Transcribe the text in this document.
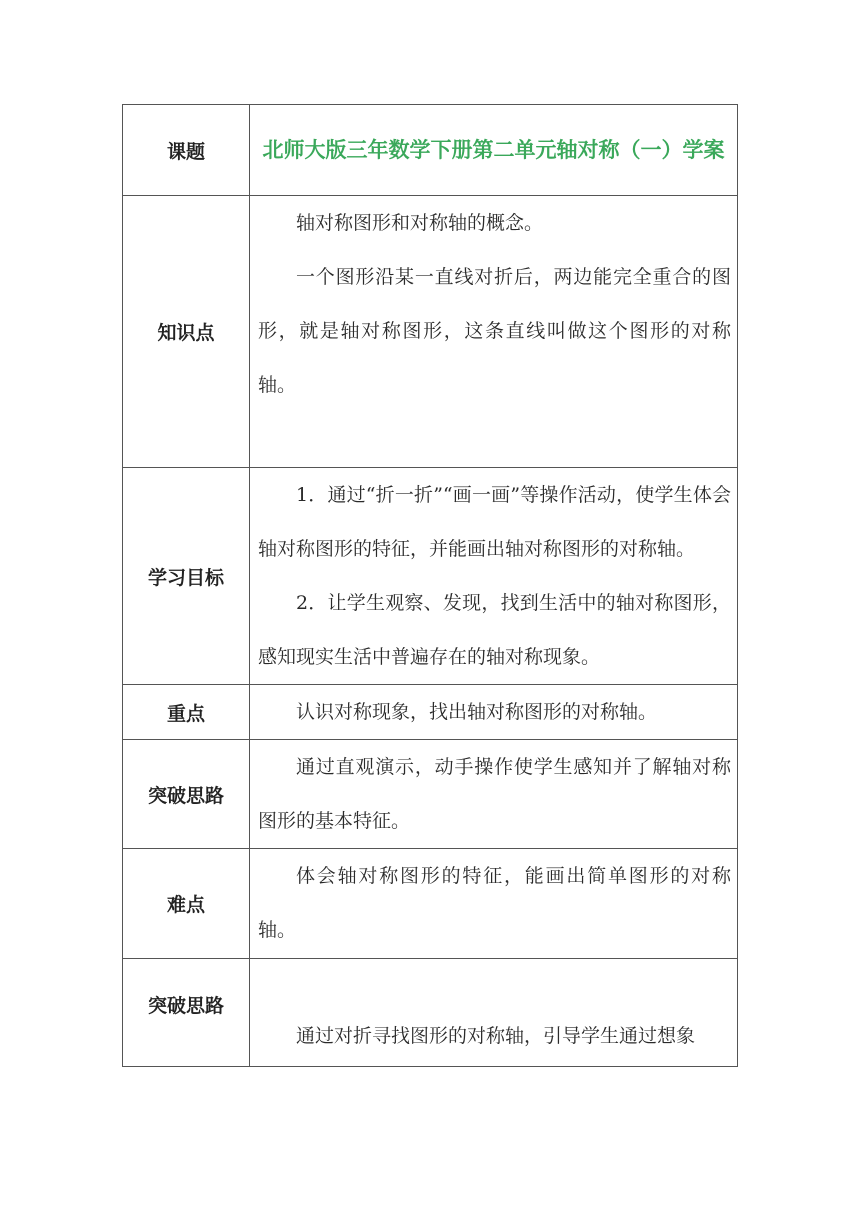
课题	北师大版三年数学下册第二单元轴对称（一）学案

知识点	轴对称图形和对称轴的概念。

一个图形沿某一直线对折后，两边能完全重合的图形，就是轴对称图形，这条直线叫做这个图形的对称轴。

学习目标	1．通过“折一折”“画一画”等操作活动，使学生体会轴对称图形的特征，并能画出轴对称图形的对称轴。

2．让学生观察、发现，找到生活中的轴对称图形，感知现实生活中普遍存在的轴对称现象。

重点	认识对称现象，找出轴对称图形的对称轴。

突破思路	通过直观演示，动手操作使学生感知并了解轴对称图形的基本特征。

难点	体会轴对称图形的特征，能画出简单图形的对称轴。

突破思路	通过对折寻找图形的对称轴，引导学生通过想象
